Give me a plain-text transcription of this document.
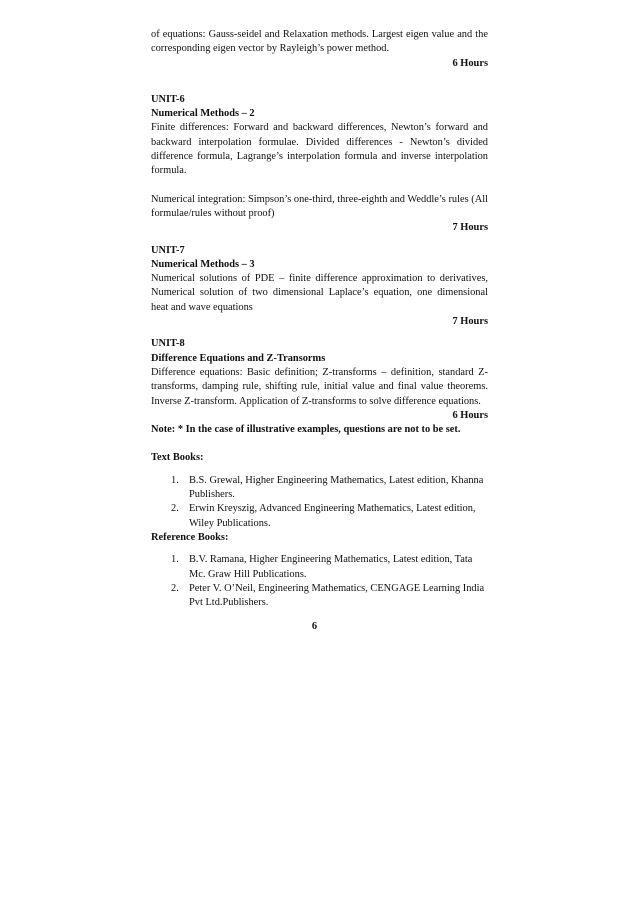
of equations: Gauss-seidel and Relaxation methods. Largest eigen value and the corresponding eigen vector by Rayleigh’s power method.

6 Hours

UNIT-6

Numerical Methods – 2

Finite differences: Forward and backward differences, Newton’s forward and backward interpolation formulae. Divided differences - Newton’s divided difference formula, Lagrange’s interpolation formula and inverse interpolation formula.

Numerical integration: Simpson’s one-third, three-eighth and Weddle’s rules (All formulae/rules without proof)

7 Hours

UNIT-7

Numerical Methods – 3

Numerical solutions of PDE – finite difference approximation to derivatives, Numerical solution of two dimensional Laplace’s equation, one dimensional heat and wave equations

7 Hours

UNIT-8

Difference Equations and Z-Transorms

Difference equations: Basic definition; Z-transforms – definition, standard Z-transforms, damping rule, shifting rule, initial value and final value theorems. Inverse Z-transform. Application of Z-transforms to solve difference equations.

6 Hours

Note: * In the case of illustrative examples, questions are not to be set.

Text Books:

1. B.S. Grewal, Higher Engineering Mathematics, Latest edition, Khanna Publishers.
2. Erwin Kreyszig, Advanced Engineering Mathematics, Latest edition, Wiley Publications.

Reference Books:

1. B.V. Ramana, Higher Engineering Mathematics, Latest edition, Tata Mc. Graw Hill Publications.
2. Peter V. O’Neil, Engineering Mathematics, CENGAGE Learning India Pvt Ltd.Publishers.
6
